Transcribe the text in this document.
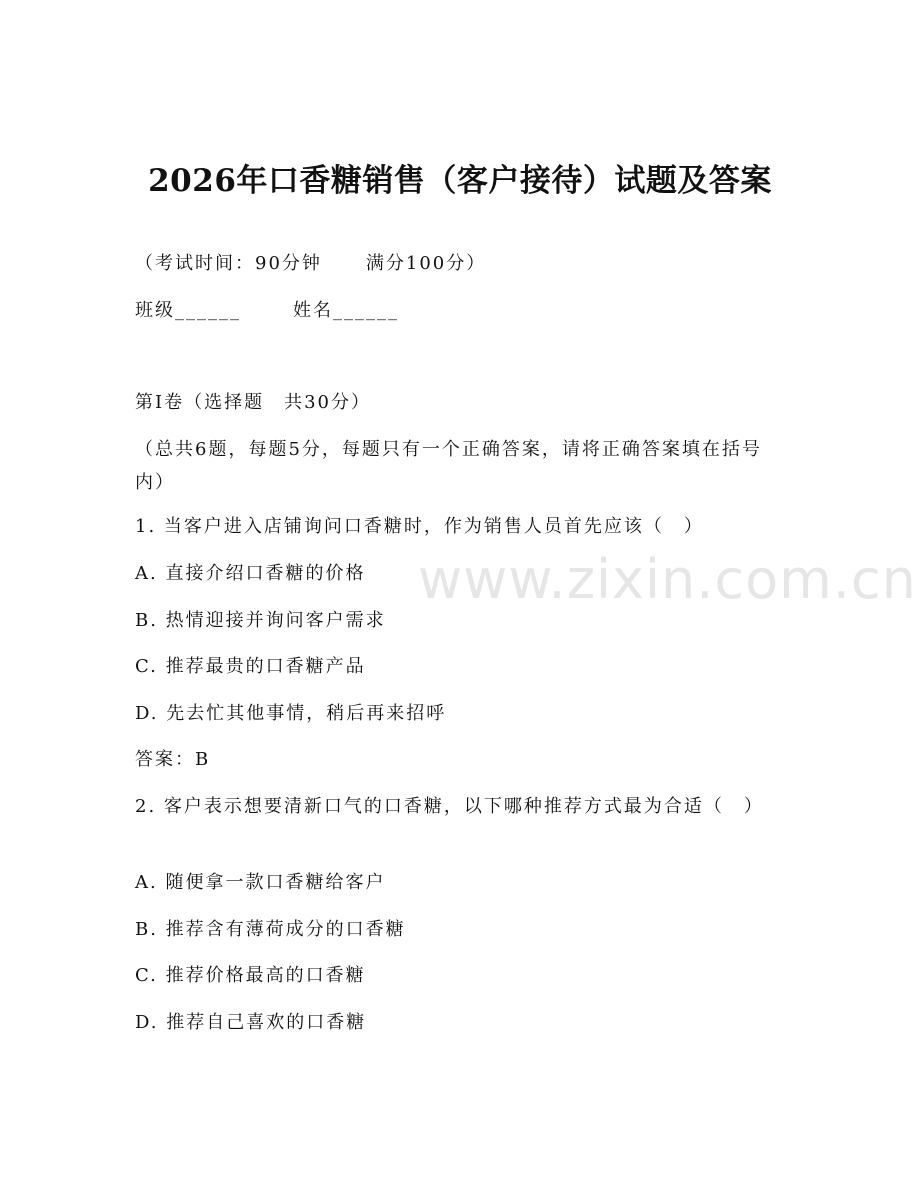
2026年口香糖销售（客户接待）试题及答案
（考试时间：90分钟 满分100分）
班级______	姓名______
第I卷（选择题　共30分）
（总共6题，每题5分，每题只有一个正确答案，请将正确答案填在括号内）
1. 当客户进入店铺询问口香糖时，作为销售人员首先应该（　）
A. 直接介绍口香糖的价格
B. 热情迎接并询问客户需求
C. 推荐最贵的口香糖产品
D. 先去忙其他事情，稍后再来招呼
答案：B
2. 客户表示想要清新口气的口香糖，以下哪种推荐方式最为合适（　）
A. 随便拿一款口香糖给客户
B. 推荐含有薄荷成分的口香糖
C. 推荐价格最高的口香糖
D. 推荐自己喜欢的口香糖
www.zixin.com.cn
